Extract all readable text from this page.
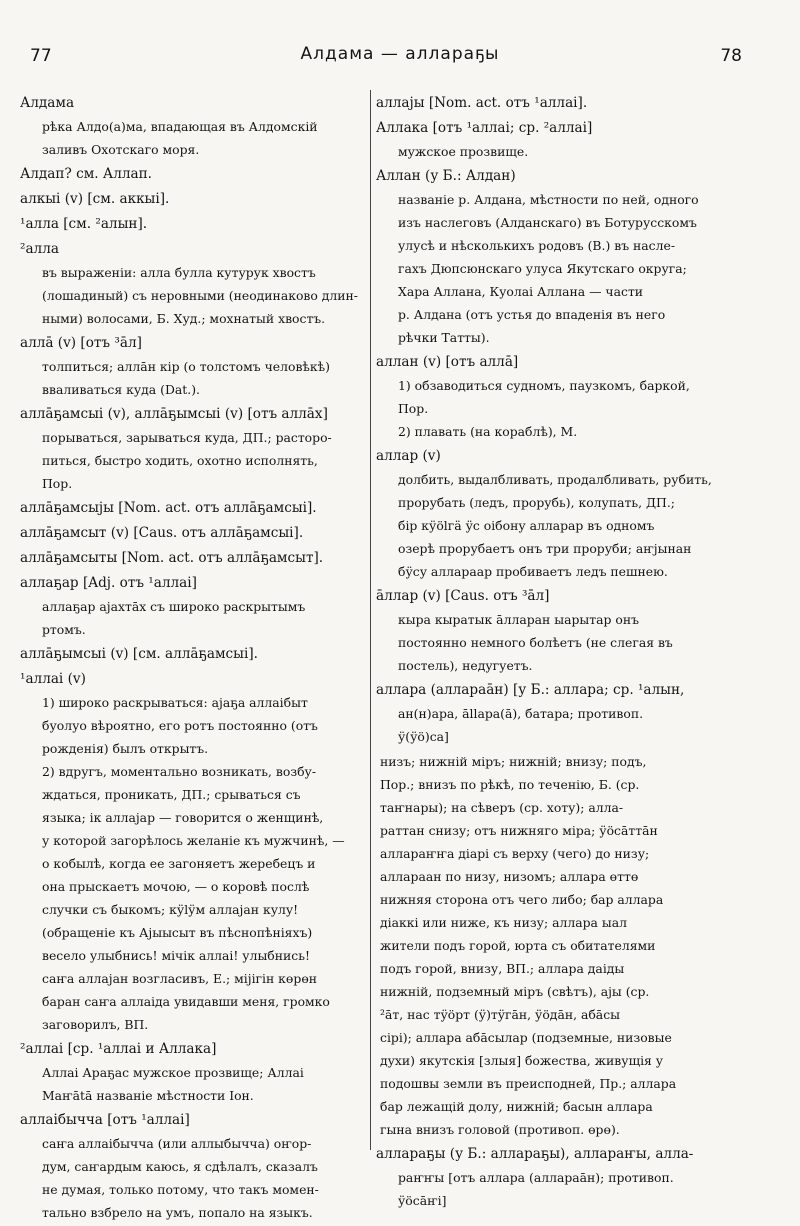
77	Алдама — аллараҕы	78
Алдама
рѣка Алдо(а)ма, впадающая въ Алдомскій
заливъ Охотскаго моря.
Алдап? см. Аллап.
алкыі (v) [см. аккыі].
¹алла [см. ²алын].
²алла
въ выраженіи: алла булла кутурук хвостъ
(лошадиный) съ неровными (неодинаково длин-
ными) волосами, Б. Худ.; мохнатый хвостъ.
аллā (v) [отъ ³āл]
толпиться; аллāн кір (о толстомъ человѣкѣ)
вваливаться куда (Dat.).
аллāҕамсыі (v), аллāҕымсыі (v) [отъ аллāх]
порываться, зарываться куда, ДП.; расторо-
питься, быстро ходить, охотно исполнять,
Пор.
аллāҕамсыjы [Nom. act. отъ аллāҕамсыі].
аллāҕамсыт (v) [Caus. отъ аллāҕамсыі].
аллāҕамсыты [Nom. act. отъ аллāҕамсыт].
аллаҕар [Adj. отъ ¹аллаі]
аллаҕар аjахтāх съ широко раскрытымъ
ртомъ.
аллāҕымсыі (v) [см. аллāҕамсыі].
¹аллаі (v)
1) широко раскрываться: аjаҕа аллаібыт
буолуо вѣроятно, его ротъ постоянно (отъ
рожденія) былъ открытъ.
2) вдругъ, моментально возникать, возбу-
ждаться, проникать, ДП.; срываться съ
языка; ік аллаjар — говорится о женщинѣ,
у которой загорѣлось желаніе къ мужчинѣ, —
о кобылѣ, когда ее загоняетъ жеребецъ и
она прыскаетъ мочою, — о коровѣ послѣ
случки съ быкомъ; кӱlӱм аллаjан кулу!
(обращеніе къ Аjыысыт въ пѣснопѣніяхъ)
весело улыбнись! мічік аллаі! улыбнись!
саҥа аллаjан возгласивъ, Е.; міjігін көрөн
баран саҥа аллаіда увидавши меня, громко
заговорилъ, ВП.
²аллаі [ср. ¹аллаі и Аллака]
Аллаі Араҕас мужское прозвище; Аллаі
Маҥātā названіе мѣстности Іон.
аллаібычча [отъ ¹аллаі]
саҥа аллаібычча (или аллыбычча) оҥор-
дум, саҥардым каюсь, я сдѣлалъ, сказалъ
не думая, только потому, что такъ момен-
тально взбрело на умъ, попало на языкъ.
аллаjы [Nom. act. отъ ¹аллаі].
Аллака [отъ ¹аллаі; ср. ²аллаі]
мужское прозвище.
Аллан (у Б.: Алдан)
названіе р. Алдана, мѣстности по ней, одного
изъ наслеговъ (Алданскаго) въ Ботурусскомъ
улусѣ и нѣсколькихъ родовъ (В.) въ насле-
гахъ Дюпсюнскаго улуса Якутскаго округа;
Хара Аллана, Куолаі Аллана — части
р. Алдана (отъ устья до впаденія въ него
рѣчки Татты).
аллан (v) [отъ аллā]
1) обзаводиться судномъ, паузкомъ, баркой,
Пор.
2) плавать (на кораблѣ), М.
аллар (v)
долбить, выдалбливать, продалбливать, рубить,
прорубать (ледъ, прорубь), колупать, ДП.;
біp кӱölгӓ ӱс оібону алларар въ одномъ
озерѣ прорубаетъ онъ три проруби; аҥjынан
бӱсу аллараар пробиваетъ ледъ пешнею.
āллар (v) [Caus. отъ ³āл]
кыра кыратык āлларан ыарытар онъ
постоянно немного болѣетъ (не слегая въ
постель), недугуетъ.
аллара (аллараāн) [у Б.: аллара; ср. ¹алын,
ан(н)ара, āllара(ā), батара; противоп.
ӱ(ӱö)ca]
низъ; нижній міръ; нижній; внизу; подъ,
Пор.; внизъ по рѣкѣ, по теченію, Б. (ср.
таҥнары); на сѣверъ (ср. хоту); алла-
раттан снизу; отъ нижняго міра; ӱöсāттāн
аллараҥҥа діарі съ верху (чего) до низу;
аллараан по низу, низомъ; аллара өттө
нижняя сторона отъ чего либо; бар аллара
діаккі или ниже, къ низу; аллара ыал
жители подъ горой, юрта съ обитателями
подъ горой, внизу, ВП.; аллара даіды
нижній, подземный міръ (свѣтъ), аjы (ср.
²āт, нас тӱöрт (ӱ)тӱгāн, ӱöдāн, абāсы
сірі); аллара абāсылар (подземные, низовые
духи) якутскія [злыя] божества, живущія у
подошвы земли въ преисподней, Пр.; аллара
бар лежащій долу, нижній; басын аллара
гына внизъ головой (противоп. өрө).
аллараҕы (у Б.: аллараҕы), аллараҥы, алла-
раҥҥы [отъ аллара (аллараāн); противоп.
ӱöсāҥi]
